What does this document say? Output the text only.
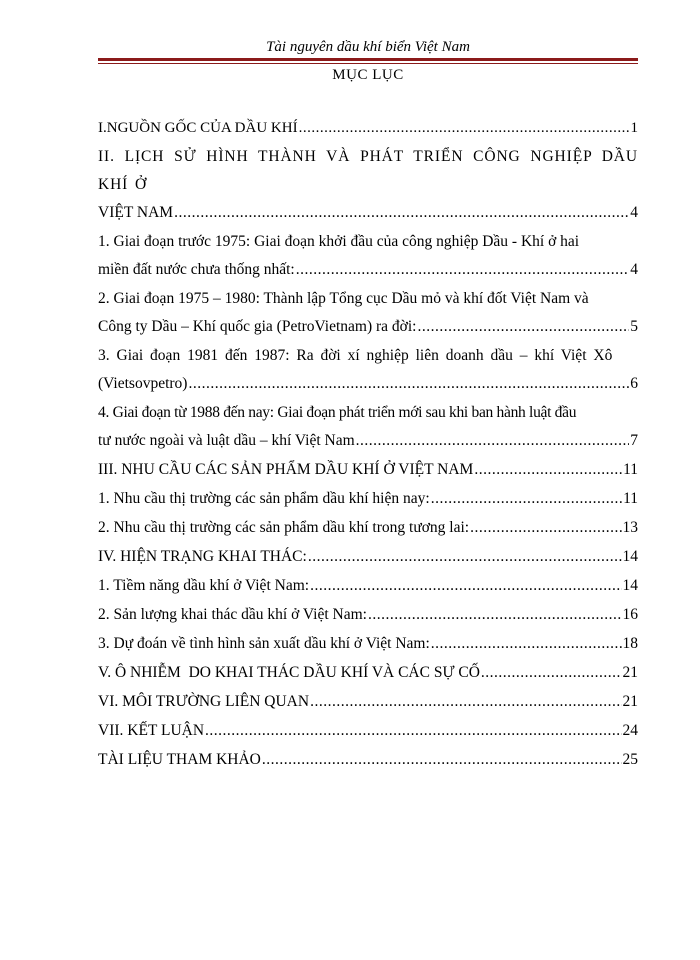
Tài nguyên dầu khí biển Việt Nam
MỤC LỤC
I.NGUỒN GỐC CỦA DẦU KHÍ .....	1
II. LỊCH SỬ HÌNH THÀNH VÀ PHÁT TRIỂN CÔNG NGHIỆP DẦU KHÍ Ở
VIỆT NAM .....	4
1. Giai đoạn trước 1975: Giai đoạn khởi đầu của công nghiệp Dầu - Khí ở hai
miền đất nước chưa thống nhất: .....	4
2. Giai đoạn 1975 – 1980: Thành lập Tổng cục Dầu mỏ và khí đốt Việt Nam và
Công ty Dầu – Khí quốc gia (PetroVietnam) ra đời: .....	5
3. Giai đoạn 1981 đến 1987: Ra đời xí nghiệp liên doanh dầu – khí Việt Xô
(Vietsovpetro) .....	6
4. Giai đoạn từ 1988 đến nay: Giai đoạn phát triển mới sau khi ban hành luật đầu
tư nước ngoài và luật dầu – khí Việt Nam .....	7
III. NHU CẦU CÁC SẢN PHẨM DẦU KHÍ Ở VIỆT NAM .....	11
1. Nhu cầu thị trường các sản phẩm dầu khí hiện nay: .....	11
2. Nhu cầu thị trường các sản phẩm dầu khí trong tương lai: .....	13
IV. HIỆN TRẠNG KHAI THÁC: .....	14
1. Tiềm năng dầu khí ở Việt Nam: .....	14
2. Sản lượng khai thác dầu khí ở Việt Nam: .....	16
3. Dự đoán về tình hình sản xuất dầu khí ở Việt Nam: .....	18
V. Ô NHIỄM  DO KHAI THÁC DẦU KHÍ VÀ CÁC SỰ CỐ .....	21
VI. MÔI TRƯỜNG LIÊN QUAN .....	21
VII. KẾT LUẬN .....	24
TÀI LIỆU THAM KHẢO .....	25
